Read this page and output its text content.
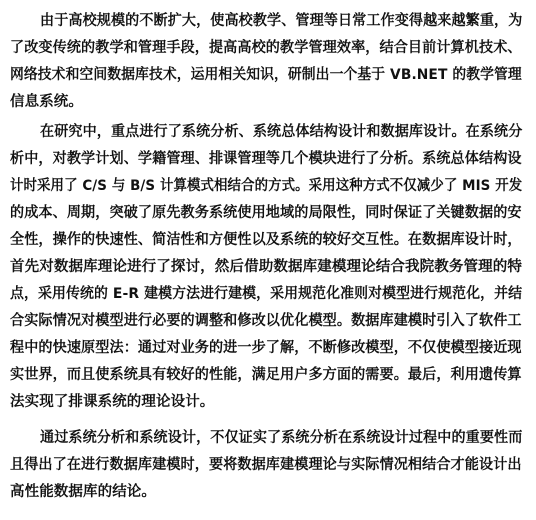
由于高校规模的不断扩大，使高校教学、管理等日常工作变得越来越繁重，为
了改变传统的教学和管理手段，提高高校的教学管理效率，结合目前计算机技术、
网络技术和空间数据库技术，运用相关知识，研制出一个基于 VB.NET 的教学管理
信息系统。
在研究中，重点进行了系统分析、系统总体结构设计和数据库设计。在系统分
析中，对教学计划、学籍管理、排课管理等几个模块进行了分析。系统总体结构设
计时采用了 C/S 与 B/S 计算模式相结合的方式。采用这种方式不仅减少了 MIS 开发
的成本、周期，突破了原先教务系统使用地域的局限性，同时保证了关键数据的安
全性，操作的快速性、简洁性和方便性以及系统的较好交互性。在数据库设计时，
首先对数据库理论进行了探讨，然后借助数据库建模理论结合我院教务管理的特
点，采用传统的 E-R 建模方法进行建模，采用规范化准则对模型进行规范化，并结
合实际情况对模型进行必要的调整和修改以优化模型。数据库建模时引入了软件工
程中的快速原型法：通过对业务的进一步了解，不断修改模型，不仅使模型接近现
实世界，而且使系统具有较好的性能，满足用户多方面的需要。最后，利用遗传算
法实现了排课系统的理论设计。
通过系统分析和系统设计，不仅证实了系统分析在系统设计过程中的重要性而
且得出了在进行数据库建模时，要将数据库建模理论与实际情况相结合才能设计出
高性能数据库的结论。
